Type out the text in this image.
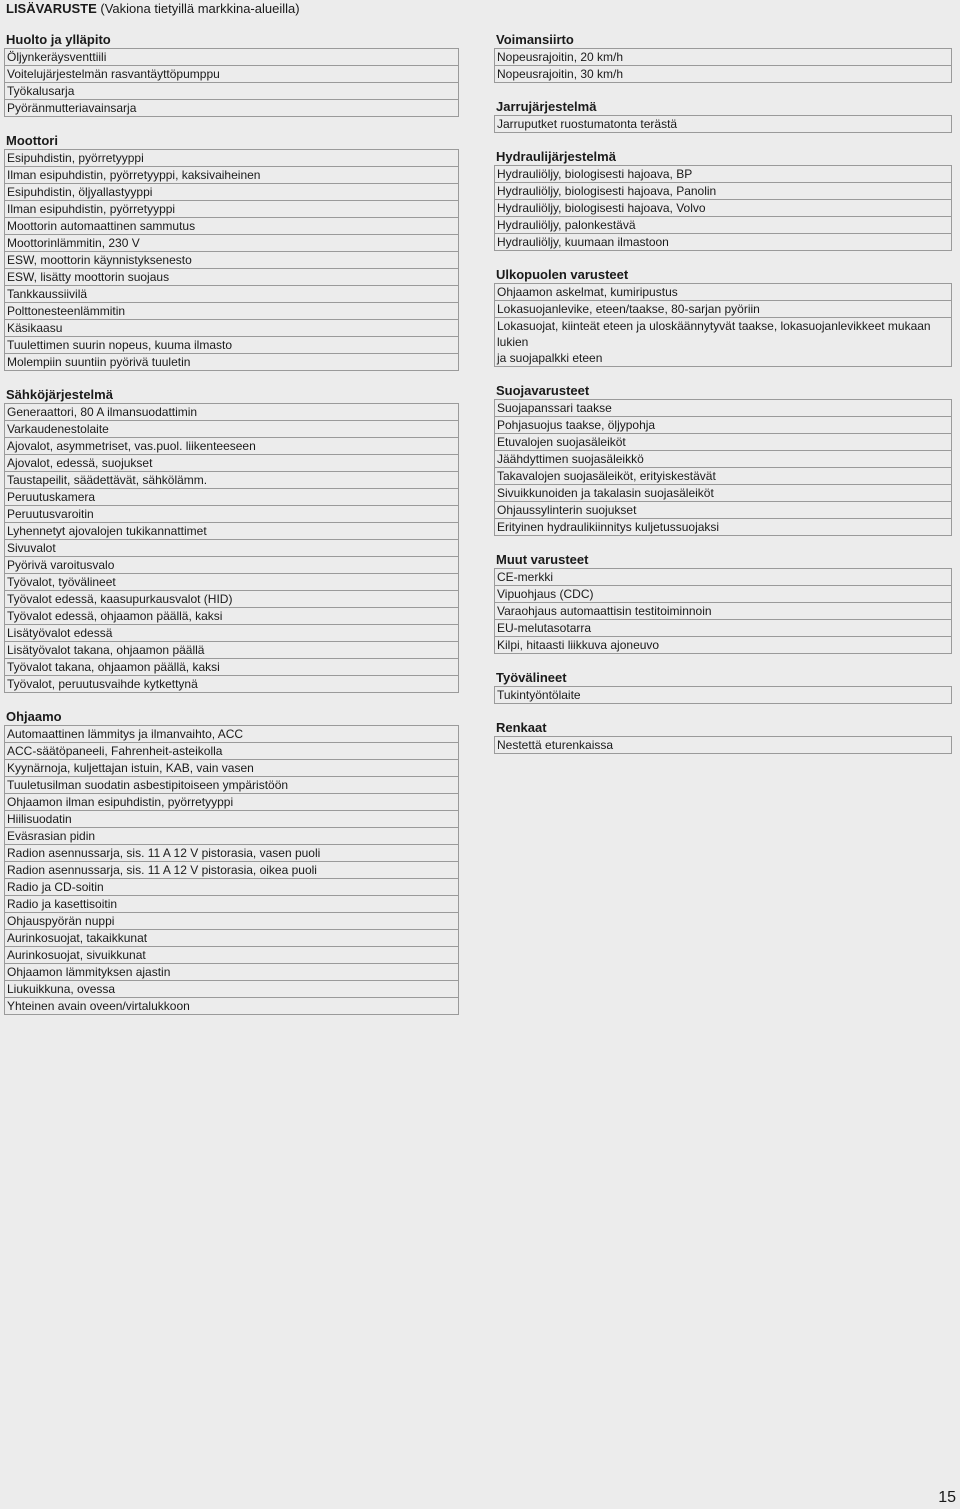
LISÄVARUSTE (Vakiona tietyillä markkina-alueilla)
Huolto ja ylläpito
Öljynkeräysventtiili
Voitelujärjestelmän rasvantäyttöpumppu
Työkalusarja
Pyöränmutteriavainsarja
Moottori
Esipuhdistin, pyörretyyppi
Ilman esipuhdistin, pyörretyyppi, kaksivaiheinen
Esipuhdistin, öljyallastyyppi
Ilman esipuhdistin, pyörretyyppi
Moottorin automaattinen sammutus
Moottorinlämmitin, 230 V
ESW, moottorin käynnistyksenesto
ESW, lisätty moottorin suojaus
Tankkaussiivilä
Polttonesteenlämmitin
Käsikaasu
Tuulettimen suurin nopeus, kuuma ilmasto
Molempiin suuntiin pyörivä tuuletin
Sähköjärjestelmä
Generaattori, 80 A ilmansuodattimin
Varkaudenestolaite
Ajovalot, asymmetriset, vas.puol. liikenteeseen
Ajovalot, edessä, suojukset
Taustapeilit, säädettävät, sähkölämm.
Peruutuskamera
Peruutusvaroitin
Lyhennetyt ajovalojen tukikannattimet
Sivuvalot
Pyörivä varoitusvalo
Työvalot, työvälineet
Työvalot edessä, kaasupurkausvalot (HID)
Työvalot edessä, ohjaamon päällä, kaksi
Lisätyövalot edessä
Lisätyövalot takana, ohjaamon päällä
Työvalot takana, ohjaamon päällä, kaksi
Työvalot, peruutusvaihde kytkettynä
Ohjaamo
Automaattinen lämmitys ja ilmanvaihto, ACC
ACC-säätöpaneeli, Fahrenheit-asteikolla
Kyynärnoja, kuljettajan istuin, KAB, vain vasen
Tuuletusilman suodatin asbestipitoiseen ympäristöön
Ohjaamon ilman esipuhdistin, pyörretyyppi
Hiilisuodatin
Eväsrasian pidin
Radion asennussarja, sis. 11 A 12 V pistorasia, vasen puoli
Radion asennussarja, sis. 11 A 12 V pistorasia, oikea puoli
Radio ja CD-soitin
Radio ja kasettisoitin
Ohjauspyörän nuppi
Aurinkosuojat, takaikkunat
Aurinkosuojat, sivuikkunat
Ohjaamon lämmityksen ajastin
Liukuikkuna, ovessa
Yhteinen avain oveen/virtalukkoon
Voimansiirto
Nopeusrajoitin, 20 km/h
Nopeusrajoitin, 30 km/h
Jarrujärjestelmä
Jarruputket ruostumatonta terästä
Hydraulijärjestelmä
Hydrauliöljy, biologisesti hajoava, BP
Hydrauliöljy, biologisesti hajoava, Panolin
Hydrauliöljy, biologisesti hajoava, Volvo
Hydrauliöljy, palonkestävä
Hydrauliöljy, kuumaan ilmastoon
Ulkopuolen varusteet
Ohjaamon askelmat, kumiripustus
Lokasuojanlevike, eteen/taakse, 80-sarjan pyöriin
Lokasuojat, kiinteät eteen ja uloskäännytyvät taakse, lokasuojanlevikkeet mukaan lukien
ja suojapalkki eteen
Suojavarusteet
Suojapanssari taakse
Pohjasuojus taakse, öljypohja
Etuvalojen suojasäleiköt
Jäähdyttimen suojasäleikkö
Takavalojen suojasäleiköt, erityiskestävät
Sivuikkunoiden ja takalasin suojasäleiköt
Ohjaussylinterin suojukset
Erityinen hydraulikiinnitys kuljetussuojaksi
Muut varusteet
CE-merkki
Vipuohjaus (CDC)
Varaohjaus automaattisin testitoiminnoin
EU-melutasotarra
Kilpi, hitaasti liikkuva ajoneuvo
Työvälineet
Tukintyöntölaite
Renkaat
Nestettä eturenkaissa
15
